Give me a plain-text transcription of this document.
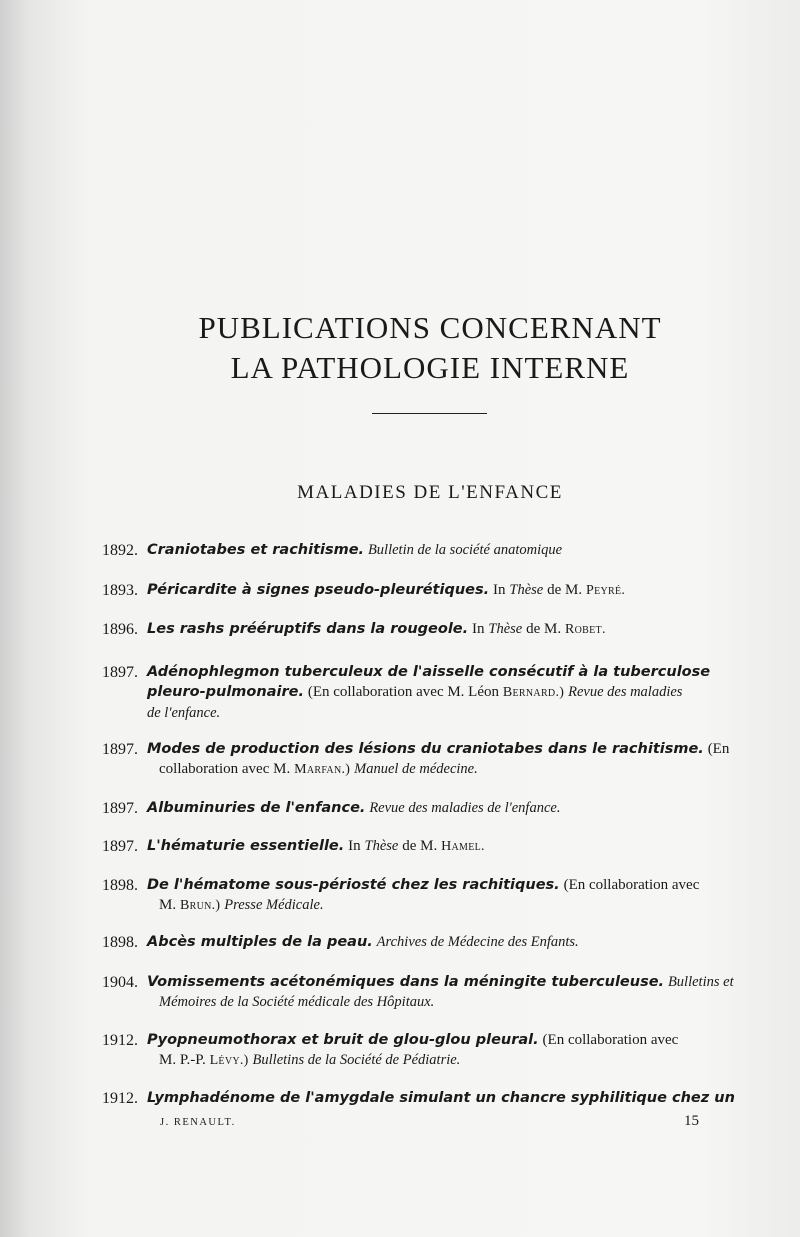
PUBLICATIONS CONCERNANT
LA PATHOLOGIE INTERNE
MALADIES DE L'ENFANCE
1892. Craniotabes et rachitisme. Bulletin de la société anatomique
1893. Péricardite à signes pseudo-pleurétiques. In Thèse de M. Peyré.
1896. Les rashs prééruptifs dans la rougeole. In Thèse de M. Robet.
1897. Adénophlegmon tuberculeux de l'aisselle consécutif à la tuberculose
pleuro-pulmonaire. (En collaboration avec M. Léon Bernard.) Revue des maladies
de l'enfance.
1897. Modes de production des lésions du craniotabes dans le rachitisme. (En
collaboration avec M. Marfan.) Manuel de médecine.
1897. Albuminuries de l'enfance. Revue des maladies de l'enfance.
1897. L'hématurie essentielle. In Thèse de M. Hamel.
1898. De l'hématome sous-périosté chez les rachitiques. (En collaboration avec
M. Brun.) Presse Médicale.
1898. Abcès multiples de la peau. Archives de Médecine des Enfants.
1904. Vomissements acétonémiques dans la méningite tuberculeuse. Bulletins et
Mémoires de la Société médicale des Hôpitaux.
1912. Pyopneumothorax et bruit de glou-glou pleural. (En collaboration avec
M. P.-P. Lévy.) Bulletins de la Société de Pédiatrie.
1912. Lymphadénome de l'amygdale simulant un chancre syphilitique chez un
J. RENAULT.	15
